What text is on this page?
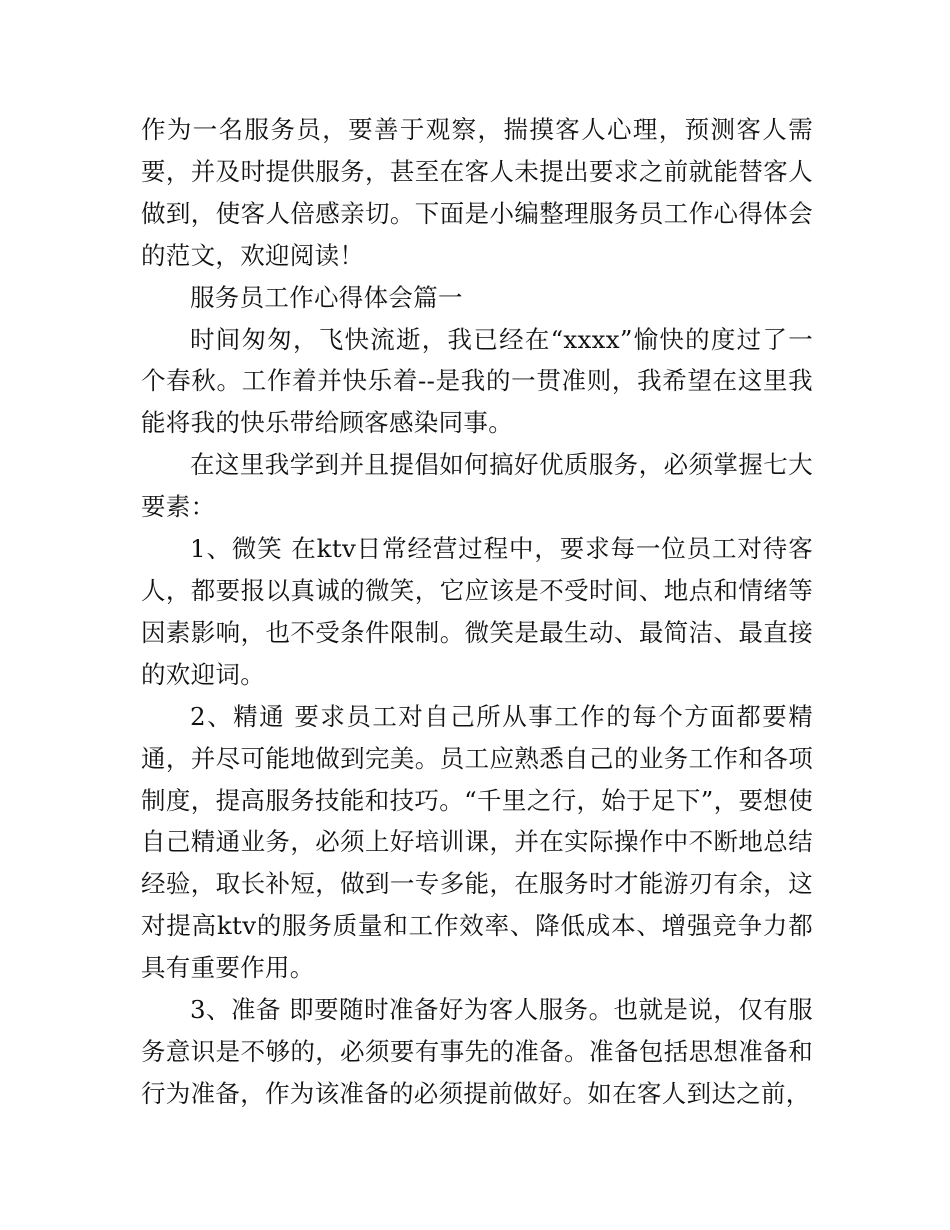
作为一名服务员，要善于观察，揣摸客人心理，预测客人需要，并及时提供服务，甚至在客人未提出要求之前就能替客人做到，使客人倍感亲切。下面是小编整理服务员工作心得体会的范文，欢迎阅读！

服务员工作心得体会篇一

时间匆匆，飞快流逝，我已经在“xxxx”愉快的度过了一个春秋。工作着并快乐着--是我的一贯准则，我希望在这里我能将我的快乐带给顾客感染同事。

在这里我学到并且提倡如何搞好优质服务，必须掌握七大要素：

1、微笑 在ktv日常经营过程中，要求每一位员工对待客人，都要报以真诚的微笑，它应该是不受时间、地点和情绪等因素影响，也不受条件限制。微笑是最生动、最简洁、最直接的欢迎词。

2、精通 要求员工对自己所从事工作的每个方面都要精通，并尽可能地做到完美。员工应熟悉自己的业务工作和各项制度，提高服务技能和技巧。“千里之行，始于足下”，要想使自己精通业务，必须上好培训课，并在实际操作中不断地总结经验，取长补短，做到一专多能，在服务时才能游刃有余，这对提高ktv的服务质量和工作效率、降低成本、增强竞争力都具有重要作用。

3、准备 即要随时准备好为客人服务。也就是说，仅有服务意识是不够的，必须要有事先的准备。准备包括思想准备和行为准备，作为该准备的必须提前做好。如在客人到达之前，
